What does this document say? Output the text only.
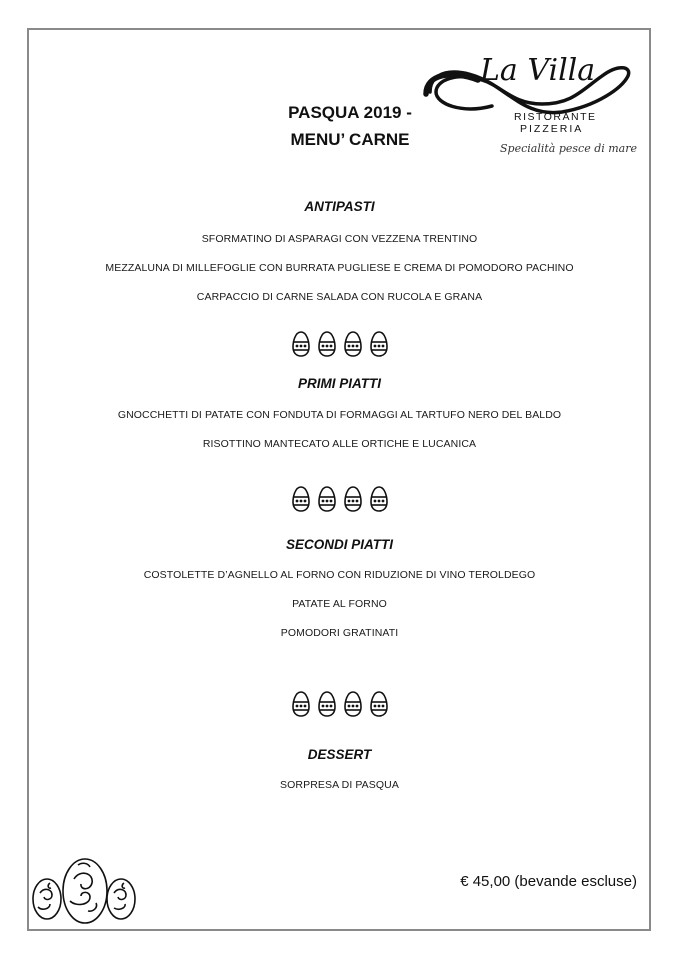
PASQUA 2019 -
MENU’ CARNE
La Villa
RISTORANTE
PIZZERIA
Specialità pesce di mare
ANTIPASTI
SFORMATINO DI ASPARAGI CON VEZZENA TRENTINO
MEZZALUNA DI MILLEFOGLIE CON BURRATA PUGLIESE E CREMA DI POMODORO PACHINO
CARPACCIO DI CARNE SALADA CON RUCOLA E GRANA
PRIMI PIATTI
GNOCCHETTI DI PATATE CON FONDUTA DI FORMAGGI AL TARTUFO NERO DEL BALDO
RISOTTINO MANTECATO ALLE ORTICHE E LUCANICA
SECONDI PIATTI
COSTOLETTE D’AGNELLO AL FORNO CON RIDUZIONE DI VINO TEROLDEGO
PATATE AL FORNO
POMODORI GRATINATI
DESSERT
SORPRESA DI PASQUA
€ 45,00 (bevande escluse)
